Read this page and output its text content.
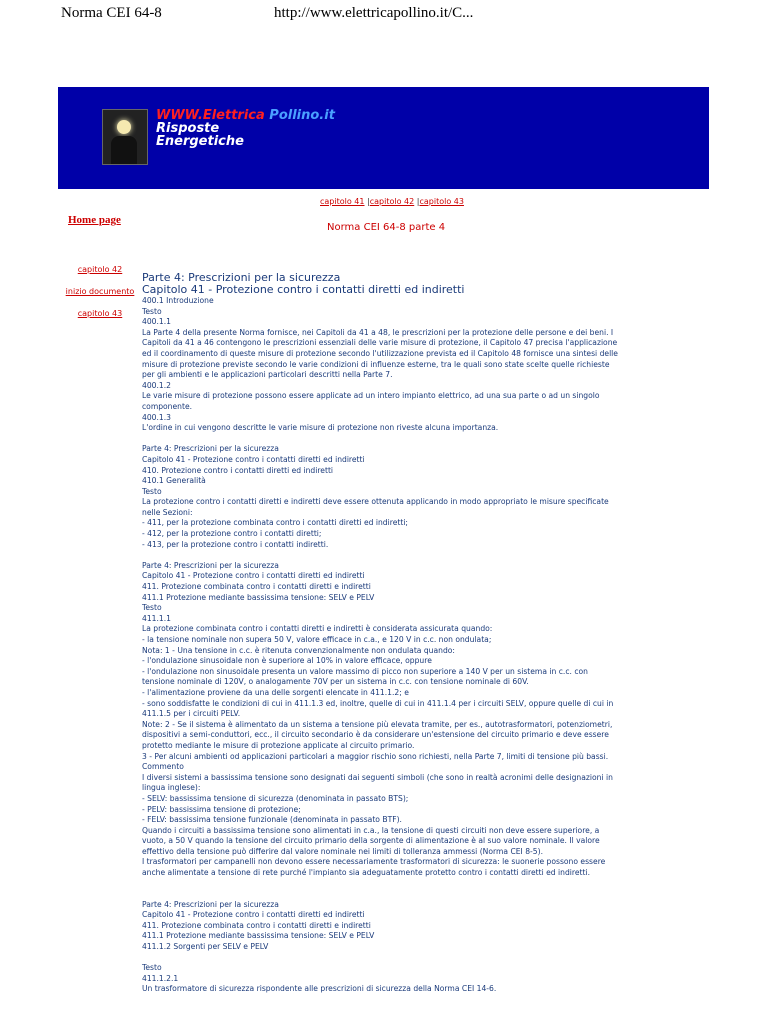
Norma CEI 64-8	http://www.elettricapollino.it/C...
WWW.Elettrica Pollino.it
Risposte
Energetiche
capitolo 41 |capitolo 42 |capitolo 43
Norma CEI 64-8 parte 4
Home page
capitolo 42
inizio documento
capitolo 43
Parte 4: Prescrizioni per la sicurezza
Capitolo 41 - Protezione contro i contatti diretti ed indiretti
400.1 Introduzione
Testo
400.1.1
La Parte 4 della presente Norma fornisce, nei Capitoli da 41 a 48, le prescrizioni per la protezione delle persone e dei beni. I
Capitoli da 41 a 46 contengono le prescrizioni essenziali delle varie misure di protezione, il Capitolo 47 precisa l'applicazione
ed il coordinamento di queste misure di protezione secondo l'utilizzazione prevista ed il Capitolo 48 fornisce una sintesi delle
misure di protezione previste secondo le varie condizioni di influenze esterne, tra le quali sono state scelte quelle richieste
per gli ambienti e le applicazioni particolari descritti nella Parte 7.
400.1.2
Le varie misure di protezione possono essere applicate ad un intero impianto elettrico, ad una sua parte o ad un singolo
componente.
400.1.3
L'ordine in cui vengono descritte le varie misure di protezione non riveste alcuna importanza.
Parte 4: Prescrizioni per la sicurezza
Capitolo 41 - Protezione contro i contatti diretti ed indiretti
410. Protezione contro i contatti diretti ed indiretti
410.1 Generalità
Testo
La protezione contro i contatti diretti e indiretti deve essere ottenuta applicando in modo appropriato le misure specificate
nelle Sezioni:
- 411, per la protezione combinata contro i contatti diretti ed indiretti;
- 412, per la protezione contro i contatti diretti;
- 413, per la protezione contro i contatti indiretti.
Parte 4: Prescrizioni per la sicurezza
Capitolo 41 - Protezione contro i contatti diretti ed indiretti
411. Protezione combinata contro i contatti diretti e indiretti
411.1 Protezione mediante bassissima tensione: SELV e PELV
Testo
411.1.1
La protezione combinata contro i contatti diretti e indiretti è considerata assicurata quando:
- la tensione nominale non supera 50 V, valore efficace in c.a., e 120 V in c.c. non ondulata;
Nota: 1 - Una tensione in c.c. è ritenuta convenzionalmente non ondulata quando:
- l'ondulazione sinusoidale non è superiore al 10% in valore efficace, oppure
- l'ondulazione non sinusoidale presenta un valore massimo di picco non superiore a 140 V per un sistema in c.c. con
tensione nominale di 120V, o analogamente 70V per un sistema in c.c. con tensione nominale di 60V.
- l'alimentazione proviene da una delle sorgenti elencate in 411.1.2; e
- sono soddisfatte le condizioni di cui in 411.1.3 ed, inoltre, quelle di cui in 411.1.4 per i circuiti SELV, oppure quelle di cui in
411.1.5 per i circuiti PELV.
Note: 2 - Se il sistema è alimentato da un sistema a tensione più elevata tramite, per es., autotrasformatori, potenziometri,
dispositivi a semi-conduttori, ecc., il circuito secondario è da considerare un'estensione del circuito primario e deve essere
protetto mediante le misure di protezione applicate al circuito primario.
3 - Per alcuni ambienti od applicazioni particolari a maggior rischio sono richiesti, nella Parte 7, limiti di tensione più bassi.
Commento
I diversi sistemi a bassissima tensione sono designati dai seguenti simboli (che sono in realtà acronimi delle designazioni in
lingua inglese):
- SELV: bassissima tensione di sicurezza (denominata in passato BTS);
- PELV: bassissima tensione di protezione;
- FELV: bassissima tensione funzionale (denominata in passato BTF).
Quando i circuiti a bassissima tensione sono alimentati in c.a., la tensione di questi circuiti non deve essere superiore, a
vuoto, a 50 V quando la tensione del circuito primario della sorgente di alimentazione è al suo valore nominale. Il valore
effettivo della tensione può differire dal valore nominale nei limiti di tolleranza ammessi (Norma CEI 8-5).
I trasformatori per campanelli non devono essere necessariamente trasformatori di sicurezza: le suonerie possono essere
anche alimentate a tensione di rete purché l'impianto sia adeguatamente protetto contro i contatti diretti ed indiretti.
Parte 4: Prescrizioni per la sicurezza
Capitolo 41 - Protezione contro i contatti diretti ed indiretti
411. Protezione combinata contro i contatti diretti e indiretti
411.1 Protezione mediante bassissima tensione: SELV e PELV
411.1.2 Sorgenti per SELV e PELV
Testo
411.1.2.1
Un trasformatore di sicurezza rispondente alle prescrizioni di sicurezza della Norma CEI 14-6.
